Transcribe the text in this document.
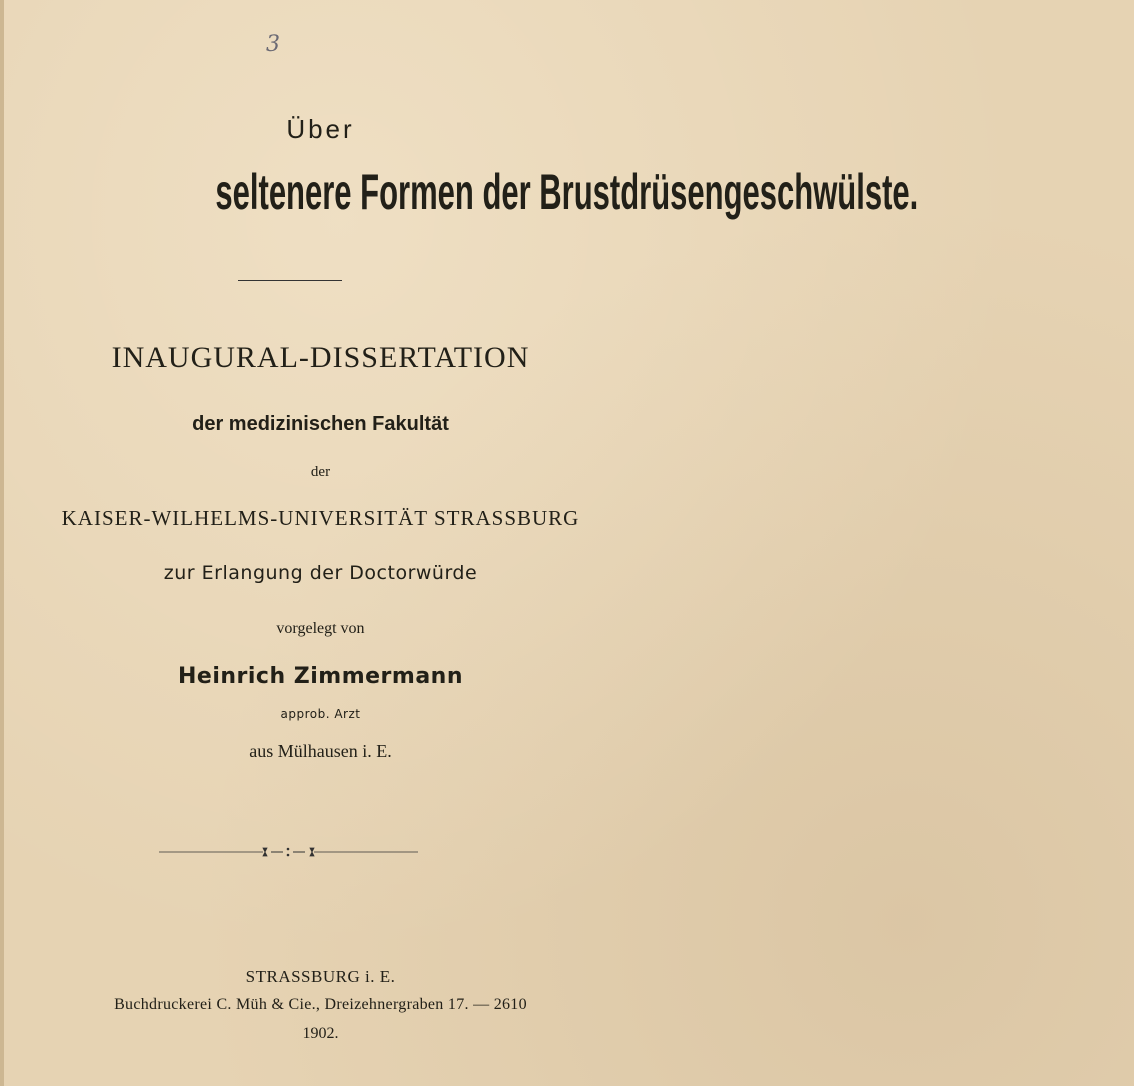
3
Über
seltenere Formen der Brustdrüsengeschwülste.
INAUGURAL-DISSERTATION
der medizinischen Fakultät
der
KAISER-WILHELMS-UNIVERSITÄT STRASSBURG
zur Erlangung der Doctorwürde
vorgelegt von
Heinrich Zimmermann
approb. Arzt
aus Mülhausen i. E.
STRASSBURG i. E.
Buchdruckerei C. Müh & Cie., Dreizehnergraben 17. — 2610
1902.
